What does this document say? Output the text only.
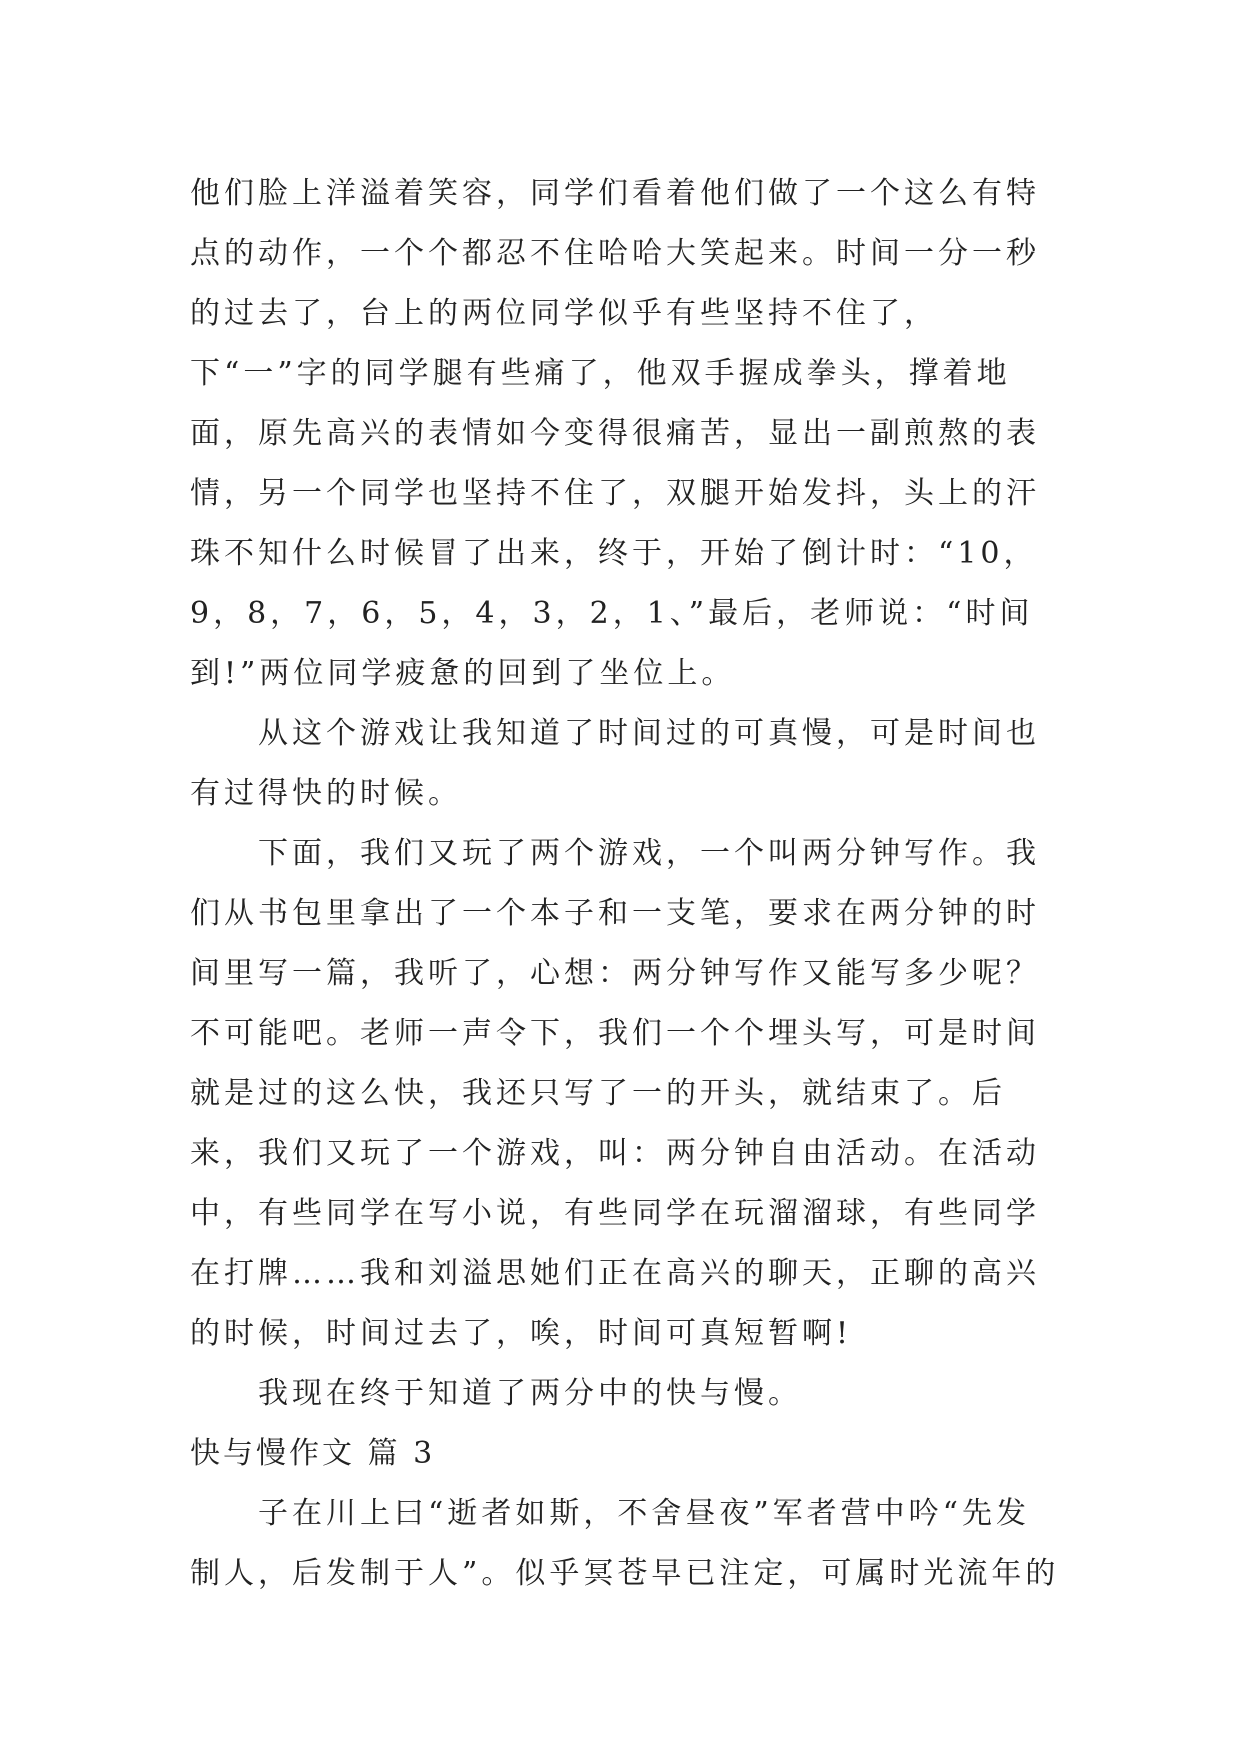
他们脸上洋溢着笑容，同学们看着他们做了一个这么有特点的动作，一个个都忍不住哈哈大笑起来。时间一分一秒的过去了，台上的两位同学似乎有些坚持不住了，下“一”字的同学腿有些痛了，他双手握成拳头，撑着地面，原先高兴的表情如今变得很痛苦，显出一副煎熬的表情，另一个同学也坚持不住了，双腿开始发抖，头上的汗珠不知什么时候冒了出来，终于，开始了倒计时：“10，9，8，7，6，5，4，3，2，1、”最后，老师说：“时间到!”两位同学疲惫的回到了坐位上。

从这个游戏让我知道了时间过的可真慢，可是时间也有过得快的时候。

下面，我们又玩了两个游戏，一个叫两分钟写作。我们从书包里拿出了一个本子和一支笔，要求在两分钟的时间里写一篇，我听了，心想：两分钟写作又能写多少呢？不可能吧。老师一声令下，我们一个个埋头写，可是时间就是过的这么快，我还只写了一的开头，就结束了。后来，我们又玩了一个游戏，叫：两分钟自由活动。在活动中，有些同学在写小说，有些同学在玩溜溜球，有些同学在打牌……我和刘溢思她们正在高兴的聊天，正聊的高兴的时候，时间过去了，唉，时间可真短暂啊!

我现在终于知道了两分中的快与慢。

快与慢作文 篇 3

子在川上曰“逝者如斯，不舍昼夜”军者营中吟“先发制人，后发制于人”。似乎冥苍早已注定，可属时光流年的
